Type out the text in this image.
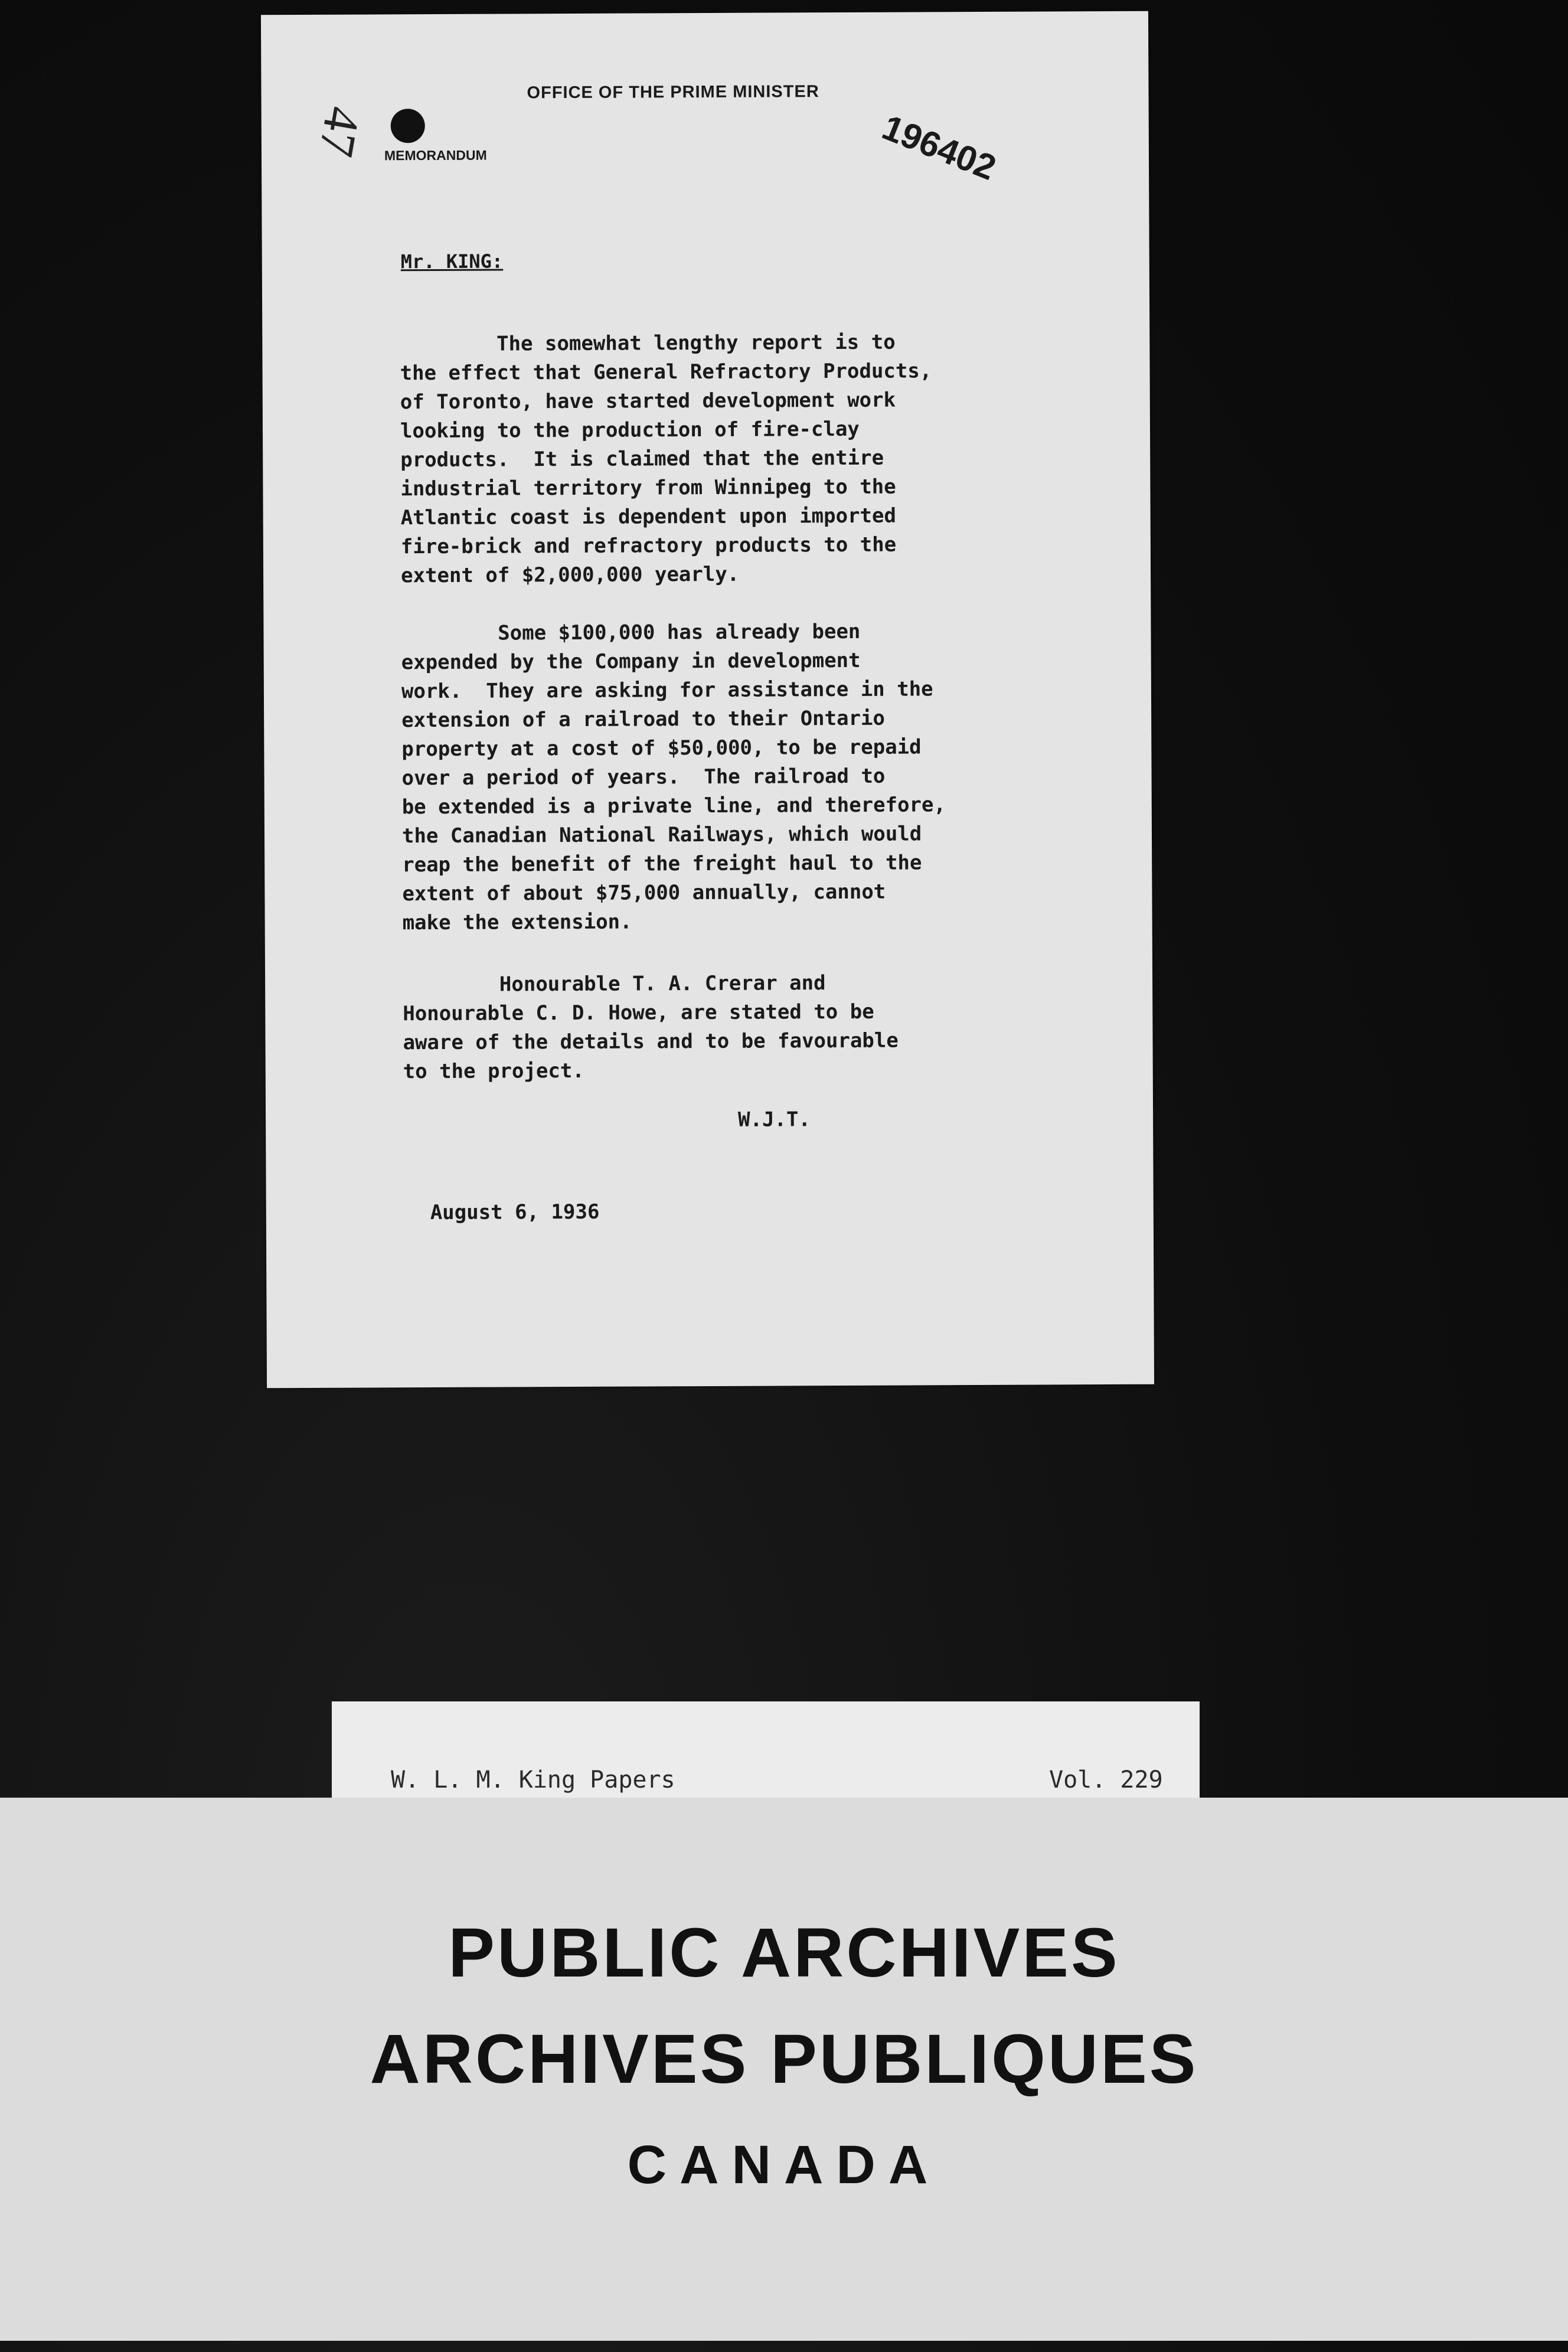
47
OFFICE OF THE PRIME MINISTER
196402
MEMORANDUM
Mr. KING:
The somewhat lengthy report is to
the effect that General Refractory Products,
of Toronto, have started development work
looking to the production of fire-clay
products.  It is claimed that the entire
industrial territory from Winnipeg to the
Atlantic coast is dependent upon imported
fire-brick and refractory products to the
extent of $2,000,000 yearly.
Some $100,000 has already been
expended by the Company in development
work.  They are asking for assistance in the
extension of a railroad to their Ontario
property at a cost of $50,000, to be repaid
over a period of years.  The railroad to
be extended is a private line, and therefore,
the Canadian National Railways, which would
reap the benefit of the freight haul to the
extent of about $75,000 annually, cannot
make the extension.
Honourable T. A. Crerar and
Honourable C. D. Howe, are stated to be
aware of the details and to be favourable
to the project.
W.J.T.
August 6, 1936
W. L. M. King Papers	Vol. 229
PUBLIC ARCHIVES
ARCHIVES PUBLIQUES
CANADA
